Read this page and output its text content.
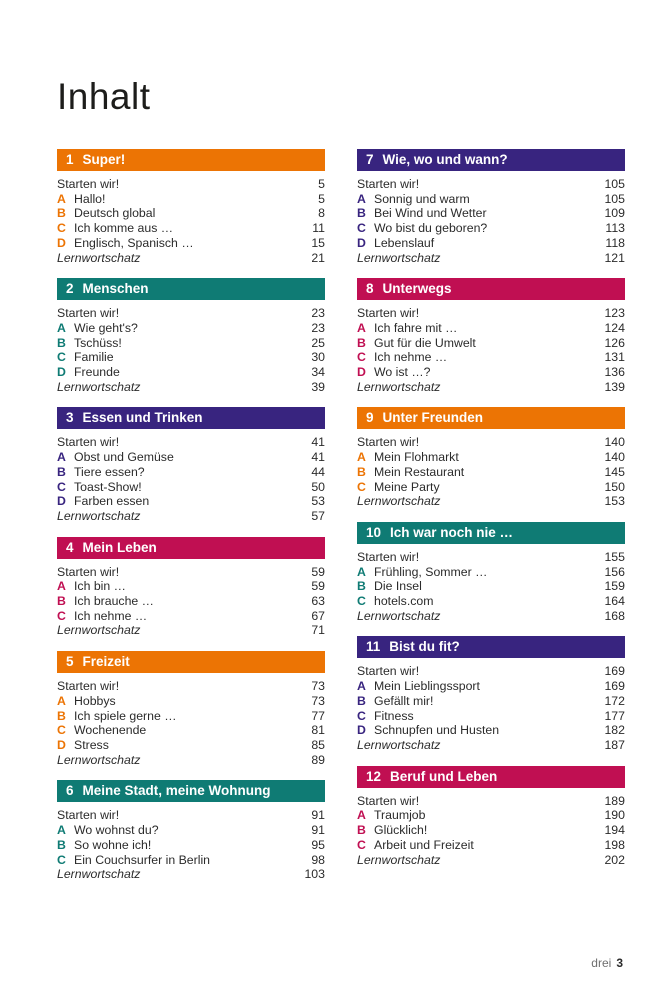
Inhalt
1 Super!
Starten wir!	5
A Hallo!	5
B Deutsch global	8
C Ich komme aus …	11
D Englisch, Spanisch …	15
Lernwortschatz	21
2 Menschen
Starten wir!	23
A Wie geht's?	23
B Tschüss!	25
C Familie	30
D Freunde	34
Lernwortschatz	39
3 Essen und Trinken
Starten wir!	41
A Obst und Gemüse	41
B Tiere essen?	44
C Toast-Show!	50
D Farben essen	53
Lernwortschatz	57
4 Mein Leben
Starten wir!	59
A Ich bin …	59
B Ich brauche …	63
C Ich nehme …	67
Lernwortschatz	71
5 Freizeit
Starten wir!	73
A Hobbys	73
B Ich spiele gerne …	77
C Wochenende	81
D Stress	85
Lernwortschatz	89
6 Meine Stadt, meine Wohnung
Starten wir!	91
A Wo wohnst du?	91
B So wohne ich!	95
C Ein Couchsurfer in Berlin	98
Lernwortschatz	103
7 Wie, wo und wann?
Starten wir!	105
A Sonnig und warm	105
B Bei Wind und Wetter	109
C Wo bist du geboren?	113
D Lebenslauf	118
Lernwortschatz	121
8 Unterwegs
Starten wir!	123
A Ich fahre mit …	124
B Gut für die Umwelt	126
C Ich nehme …	131
D Wo ist …?	136
Lernwortschatz	139
9 Unter Freunden
Starten wir!	140
A Mein Flohmarkt	140
B Mein Restaurant	145
C Meine Party	150
Lernwortschatz	153
10 Ich war noch nie …
Starten wir!	155
A Frühling, Sommer …	156
B Die Insel	159
C hotels.com	164
Lernwortschatz	168
11 Bist du fit?
Starten wir!	169
A Mein Lieblingssport	169
B Gefällt mir!	172
C Fitness	177
D Schnupfen und Husten	182
Lernwortschatz	187
12 Beruf und Leben
Starten wir!	189
A Traumjob	190
B Glücklich!	194
C Arbeit und Freizeit	198
Lernwortschatz	202
drei 3
